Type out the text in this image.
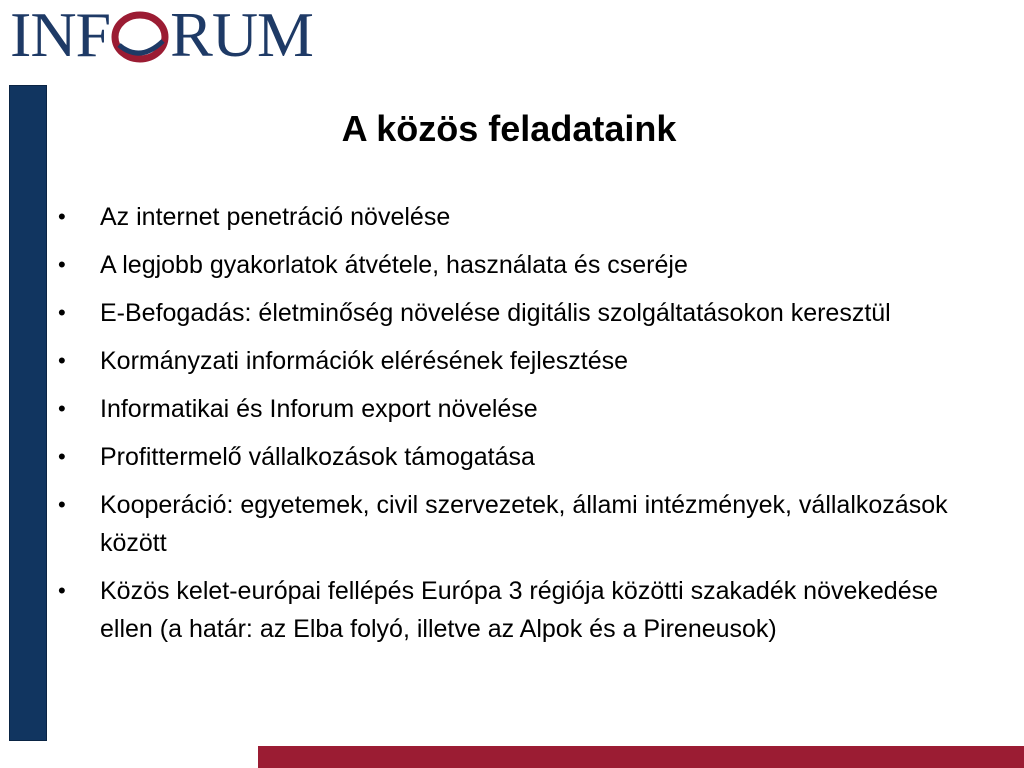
INF RUM
A közös feladataink
• Az internet penetráció növelése
• A legjobb gyakorlatok átvétele, használata és cseréje
• E-Befogadás: életminőség növelése digitális szolgáltatásokon keresztül
• Kormányzati információk elérésének fejlesztése
• Informatikai és Inforum export növelése
• Profittermelő vállalkozások támogatása
• Kooperáció: egyetemek, civil szervezetek, állami intézmények, vállalkozások között
• Közös kelet-európai fellépés Európa 3 régiója közötti szakadék növekedése ellen (a határ: az Elba folyó, illetve az Alpok és a Pireneusok)
